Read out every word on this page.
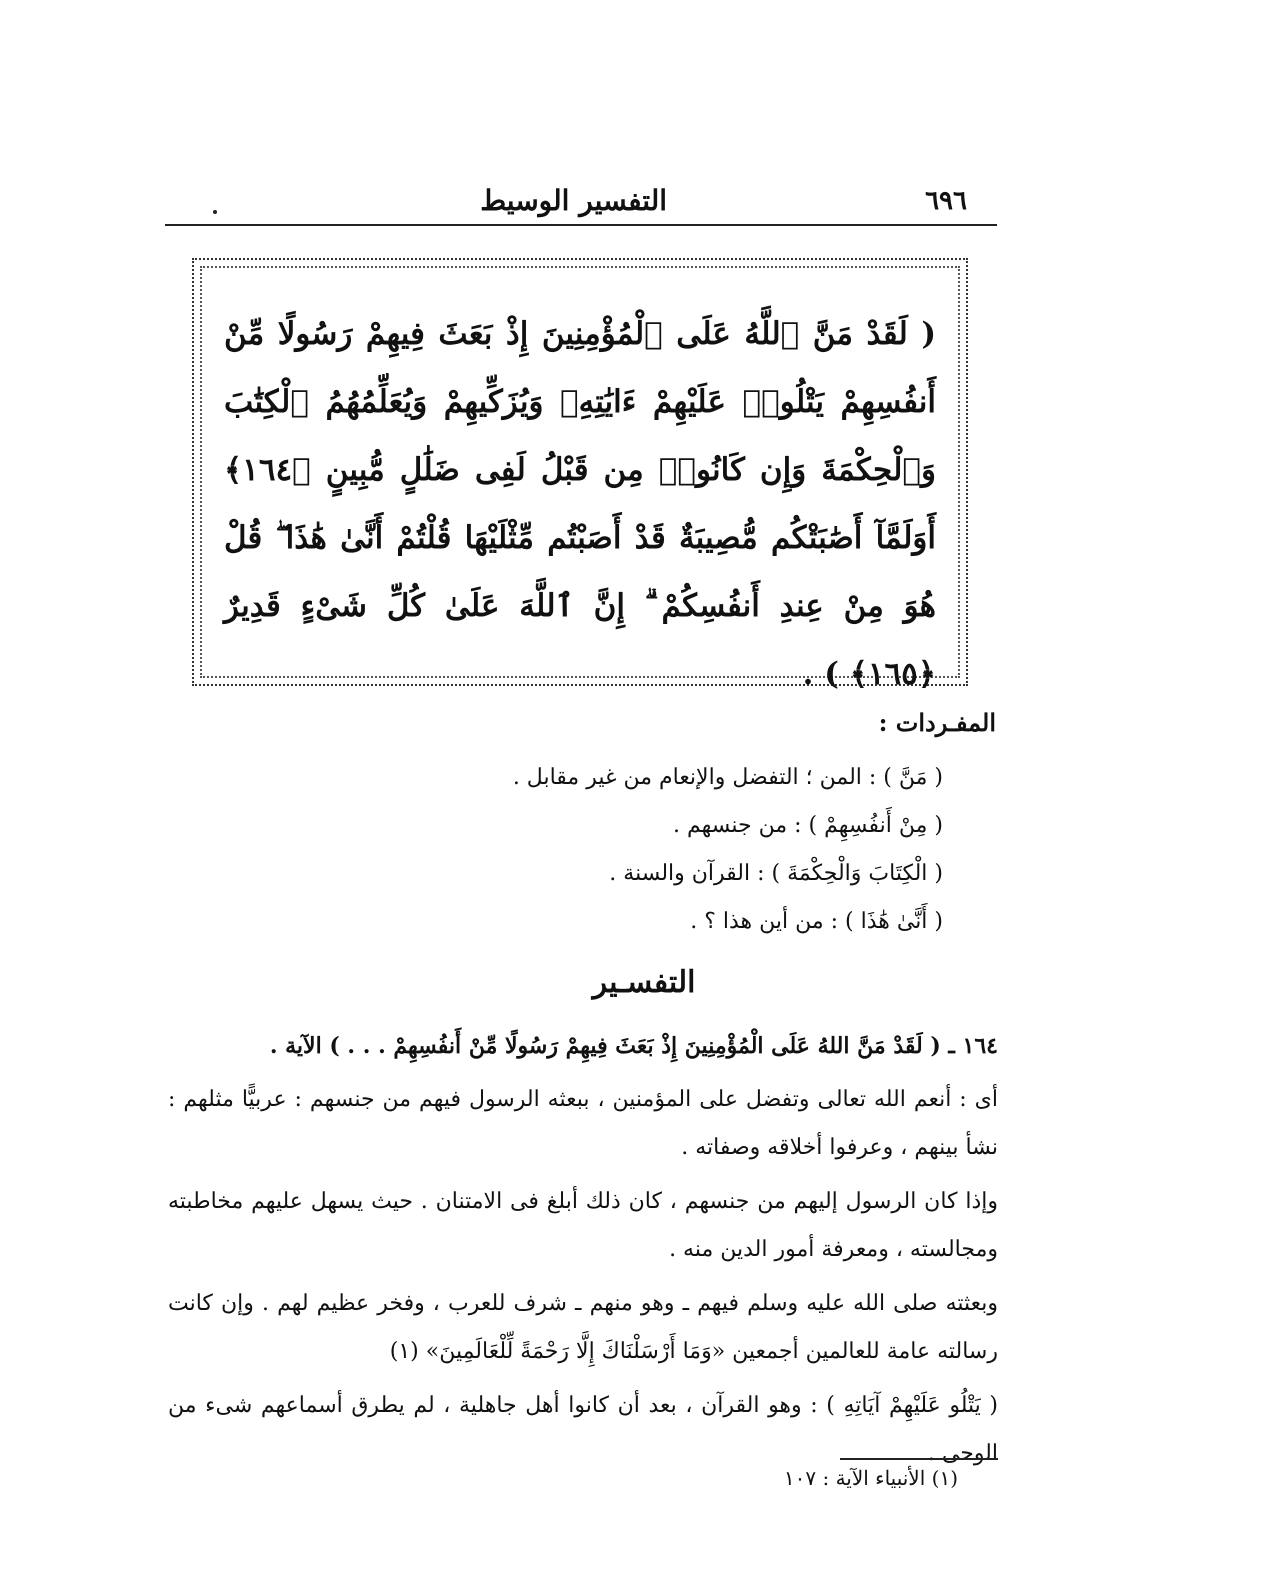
٦٩٦
التفسير الوسيط
( لَقَدْ مَنَّ ٱللَّهُ عَلَى ٱلْمُؤْمِنِينَ إِذْ بَعَثَ فِيهِمْ رَسُولًا مِّنْ أَنفُسِهِمْ يَتْلُوا۟ عَلَيْهِمْ ءَايَٰتِهِۦ وَيُزَكِّيهِمْ وَيُعَلِّمُهُمُ ٱلْكِتَٰبَ وَٱلْحِكْمَةَ وَإِن كَانُوا۟ مِن قَبْلُ لَفِى ضَلَٰلٍ مُّبِينٍ ﴿١٦٤﴾ أَوَلَمَّآ أَصَٰبَتْكُم مُّصِيبَةٌ قَدْ أَصَبْتُم مِّثْلَيْهَا قُلْتُمْ أَنَّىٰ هَٰذَا ۖ قُلْ هُوَ مِنْ عِندِ أَنفُسِكُمْ ۗ إِنَّ ٱللَّهَ عَلَىٰ كُلِّ شَىْءٍ قَدِيرٌ ﴿١٦٥﴾ ) .
المفـردات :
( مَنَّ ) : المن ؛ التفضل والإنعام من غير مقابل .
( مِنْ أَنفُسِهِمْ ) : من جنسهم .
( الْكِتَابَ وَالْحِكْمَةَ ) : القرآن والسنة .
( أَنَّىٰ هَٰذَا ) : من أين هذا ؟ .
التفسـير

١٦٤ ـ ( لَقَدْ مَنَّ اللهُ عَلَى الْمُؤْمِنِينَ إِذْ بَعَثَ فِيهِمْ رَسُولًا مِّنْ أَنفُسِهِمْ . . . ) الآية .

أى : أنعم الله تعالى وتفضل على المؤمنين ، ببعثه الرسول فيهم من جنسهم : عربيًّا مثلهم : نشأ بينهم ، وعرفوا أخلاقه وصفاته .

وإذا كان الرسول إليهم من جنسهم ، كان ذلك أبلغ فى الامتنان . حيث يسهل عليهم مخاطبته ومجالسته ، ومعرفة أمور الدين منه .

وبعثته صلى الله عليه وسلم فيهم ـ وهو منهم ـ شرف للعرب ، وفخر عظيم لهم . وإن كانت رسالته عامة للعالمين أجمعين «وَمَا أَرْسَلْنَاكَ إِلَّا رَحْمَةً لِّلْعَالَمِينَ» (١)

( يَتْلُو عَلَيْهِمْ آيَاتِهِ ) : وهو القرآن ، بعد أن كانوا أهل جاهلية ، لم يطرق أسماعهم شىء من الوحى .

(١) الأنبياء الآية : ١٠٧
